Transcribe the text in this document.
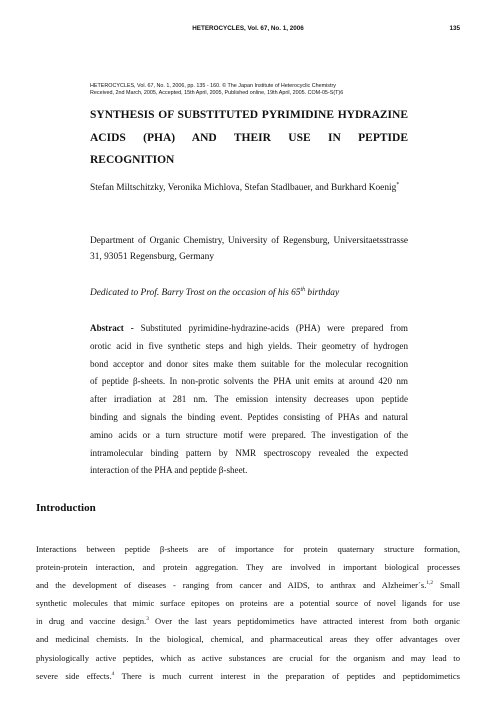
HETEROCYCLES, Vol. 67, No. 1, 2006	135
HETEROCYCLES, Vol. 67, No. 1, 2006, pp. 135 - 160. © The Japan Institute of Heterocyclic Chemistry
Received, 2nd March, 2005, Accepted, 15th April, 2005, Published online, 19th April, 2005. COM-05-S(T)6
SYNTHESIS OF SUBSTITUTED PYRIMIDINE HYDRAZINE ACIDS (PHA) AND THEIR USE IN PEPTIDE RECOGNITION
Stefan Miltschitzky, Veronika Michlova, Stefan Stadlbauer, and Burkhard Koenig*
Department of Organic Chemistry, University of Regensburg, Universitaetsstrasse 31, 93051 Regensburg, Germany
Dedicated to Prof. Barry Trost on the occasion of his 65th birthday
Abstract - Substituted pyrimidine-hydrazine-acids (PHA) were prepared from
orotic acid in five synthetic steps and high yields. Their geometry of hydrogen
bond acceptor and donor sites make them suitable for the molecular recognition
of peptide β-sheets. In non-protic solvents the PHA unit emits at around 420 nm
after irradiation at 281 nm. The emission intensity decreases upon peptide
binding and signals the binding event. Peptides consisting of PHAs and natural
amino acids or a turn structure motif were prepared. The investigation of the
intramolecular binding pattern by NMR spectroscopy revealed the expected
interaction of the PHA and peptide β-sheet.
Introduction
Interactions between peptide β-sheets are of importance for protein quaternary structure formation,
protein-protein interaction, and protein aggregation. They are involved in important biological processes
and the development of diseases - ranging from cancer and AIDS, to anthrax and Alzheimer´s.$^{1,2}$ Small
synthetic molecules that mimic surface epitopes on proteins are a potential source of novel ligands for use
in drug and vaccine design.$^3$ Over the last years peptidomimetics have attracted interest from both organic
and medicinal chemists. In the biological, chemical, and pharmaceutical areas they offer advantages over
physiologically active peptides, which as active substances are crucial for the organism and may lead to
severe side effects.$^4$ There is much current interest in the preparation of peptides and peptidomimetics
